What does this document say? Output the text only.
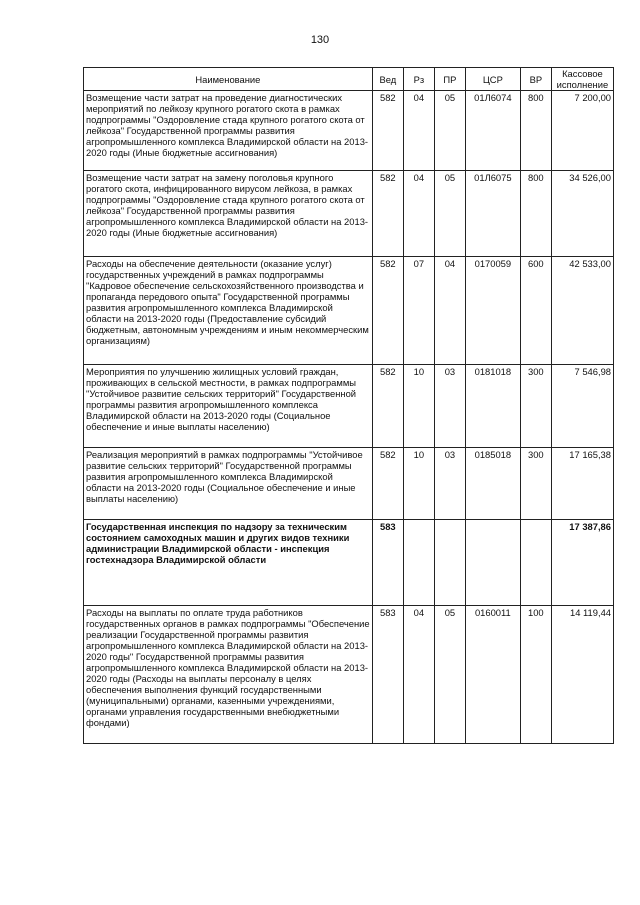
130
Наименование	Вед	Рз	ПР	ЦСР	ВР	Кассовое исполнение
Возмещение части затрат на проведение диагностических мероприятий по лейкозу крупного рогатого скота в рамках подпрограммы "Оздоровление стада крупного рогатого скота от лейкоза" Государственной программы развития агропромышленного комплекса Владимирской области на 2013-2020 годы (Иные бюджетные ассигнования)	582	04	05	01Л6074	800	7 200,00
Возмещение части затрат на замену поголовья крупного рогатого скота, инфицированного вирусом лейкоза, в рамках подпрограммы "Оздоровление стада крупного рогатого скота от лейкоза" Государственной программы развития агропромышленного комплекса Владимирской области на 2013-2020 годы (Иные бюджетные ассигнования)	582	04	05	01Л6075	800	34 526,00
Расходы на обеспечение деятельности (оказание услуг) государственных учреждений в рамках подпрограммы "Кадровое обеспечение сельскохозяйственного производства и пропаганда передового опыта" Государственной программы развития агропромышленного комплекса Владимирской области на 2013-2020 годы (Предоставление субсидий бюджетным, автономным учреждениям и иным некоммерческим организациям)	582	07	04	0170059	600	42 533,00
Мероприятия по улучшению жилищных условий граждан, проживающих в сельской местности, в рамках подпрограммы "Устойчивое развитие сельских территорий" Государственной программы развития агропромышленного комплекса Владимирской области на 2013-2020 годы (Социальное обеспечение и иные выплаты населению)	582	10	03	0181018	300	7 546,98
Реализация мероприятий в рамках подпрограммы "Устойчивое развитие сельских территорий" Государственной программы развития агропромышленного комплекса Владимирской области на 2013-2020 годы (Социальное обеспечение и иные выплаты населению)	582	10	03	0185018	300	17 165,38
Государственная инспекция по надзору за техническим состоянием самоходных машин и других видов техники администрации Владимирской области - инспекция гостехнадзора Владимирской области	583					17 387,86
Расходы на выплаты по оплате труда работников государственных органов в рамках подпрограммы "Обеспечение реализации Государственной программы развития агропромышленного комплекса Владимирской области на 2013-2020 годы" Государственной программы развития агропромышленного комплекса Владимирской области на 2013-2020 годы (Расходы на выплаты персоналу в целях обеспечения выполнения функций государственными (муниципальными) органами, казенными учреждениями, органами управления государственными внебюджетными фондами)	583	04	05	0160011	100	14 119,44
